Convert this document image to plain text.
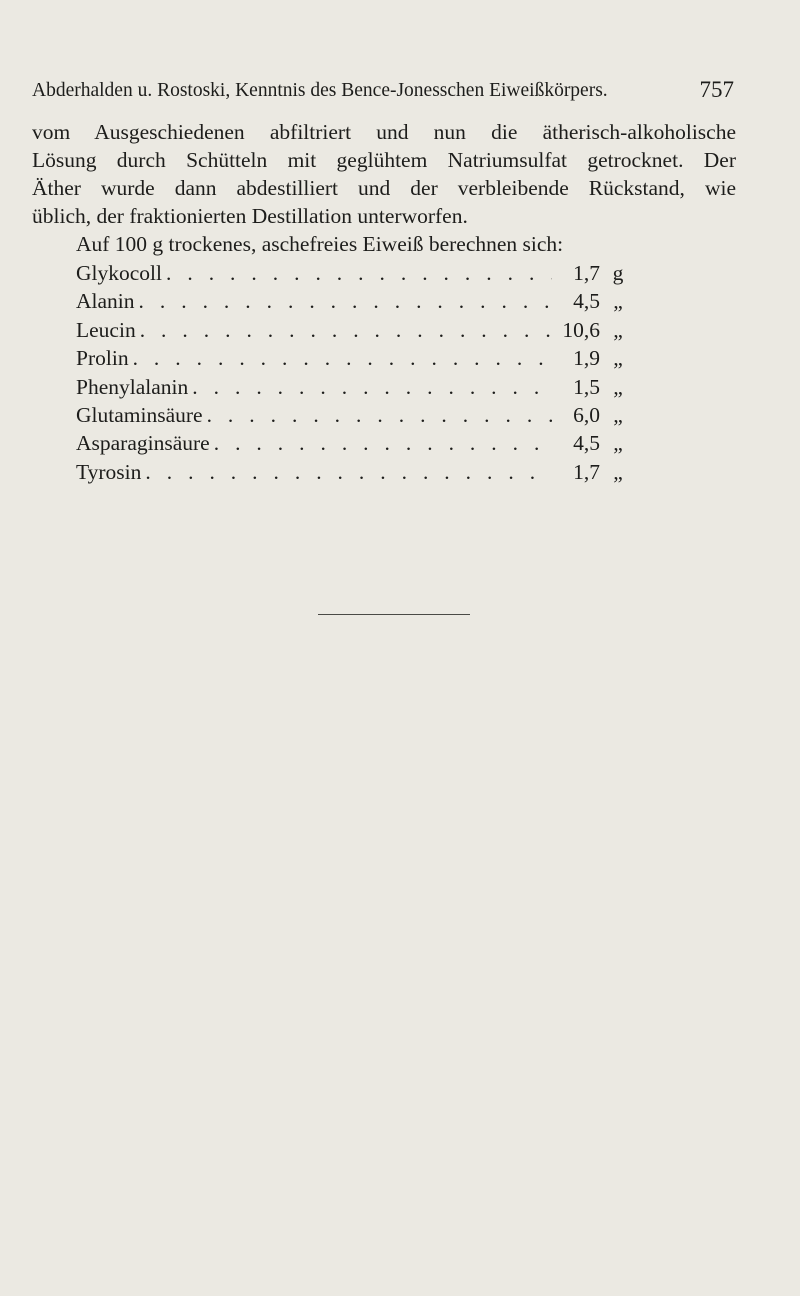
Abderhalden u. Rostoski, Kenntnis des Bence-Jonesschen Eiweißkörpers.	757
vom Ausgeschiedenen abfiltriert und nun die ätherisch-alkoholische
Lösung durch Schütteln mit geglühtem Natriumsulfat getrocknet. Der
Äther wurde dann abdestilliert und der verbleibende Rückstand, wie
üblich, der fraktionierten Destillation unterworfen.
Auf 100 g trockenes, aschefreies Eiweiß berechnen sich:
Glykocoll . . .	1,7 g
Alanin . . .	4,5 „
Leucin . . .	10,6 „
Prolin . . .	1,9 „
Phenylalanin . . .	1,5 „
Glutaminsäure . . .	6,0 „
Asparaginsäure . . .	4,5 „
Tyrosin . . .	1,7 „
